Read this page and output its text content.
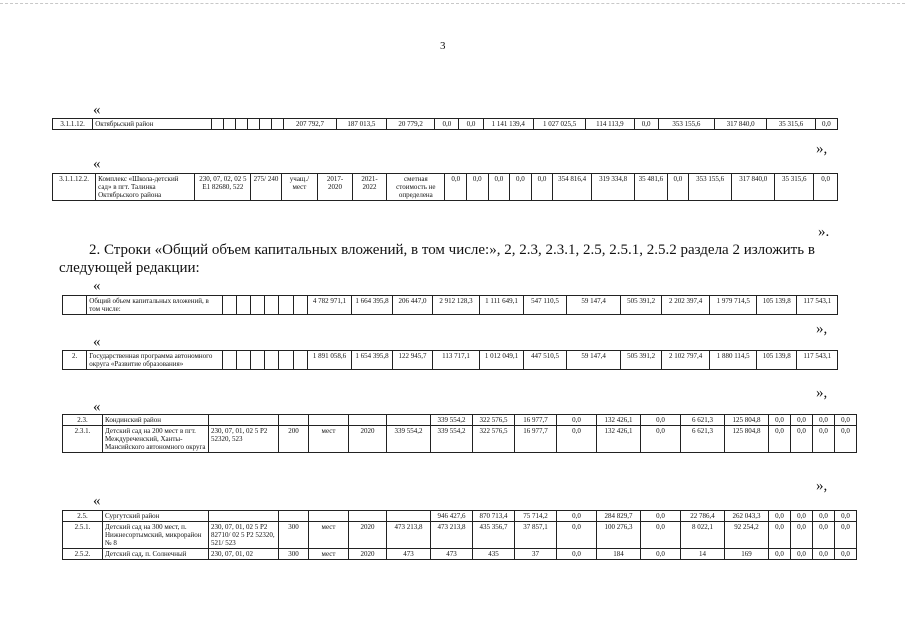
3
«
3.1.1.12.	Октябрьский район							207 792,7	187 013,5	20 779,2	0,0	0,0	1 141 139,4	1 027 025,5	114 113,9	0,0	353 155,6	317 840,0	35 315,6	0,0
«
3.1.1.12.2.	Комплекс «Школа-детский сад» в пгт. Талинка Октябрьского района	230, 07, 02, 02 5 Е1 82680, 522	275/ 240	учащ./ мест	2017-2020	2021-2022	сметная стоимость не определена	0,0	0,0	0,0	0,0	0,0	354 816,4	319 334,8	35 481,6	0,0	353 155,6	317 840,0	35 315,6	0,0
»,
».
2. Строки «Общий объем капитальных вложений, в том числе:», 2, 2.3, 2.3.1, 2.5, 2.5.1, 2.5.2 раздела 2 изложить в следующей редакции:
«
	Общий объем капитальных вложений, в том числе:							4 782 971,1	1 664 395,8	206 447,0	2 912 128,3	1 111 649,1	547 110,5	59 147,4	505 391,2	2 202 397,4	1 979 714,5	105 139,8	117 543,1
»,
«
2.	Государственная программа автономного округа «Развитие образования»							1 891 058,6	1 654 395,8	122 945,7	113 717,1	1 012 049,1	447 510,5	59 147,4	505 391,2	2 102 797,4	1 880 114,5	105 139,8	117 543,1
»,
«
2.3.	Кондинский район						339 554,2	322 576,5	16 977,7	0,0	132 426,1	0,0	6 621,3	125 804,8	0,0	0,0	0,0	0,0
2.3.1.	Детский сад на 200 мест в пгт. Междуреченский, Ханты-Мансийского автономного округа	230, 07, 01, 02 5 Р2 52320, 523	200	мест	2020	339 554,2	339 554,2	322 576,5	16 977,7	0,0	132 426,1	0,0	6 621,3	125 804,8	0,0	0,0	0,0	0,0
»,
«
2.5.	Сургутский район						946 427,6	870 713,4	75 714,2	0,0	284 829,7	0,0	22 786,4	262 043,3	0,0	0,0	0,0	0,0
2.5.1.	Детский сад на 300 мест, п. Нижнесортымский, микрорайон № 8	230, 07, 01, 02 5 Р2 82710/ 02 5 Р2 52320, 521/ 523	300	мест	2020	473 213,8	473 213,8	435 356,7	37 857,1	0,0	100 276,3	0,0	8 022,1	92 254,2	0,0	0,0	0,0	0,0
2.5.2.	Детский сад, п. Солнечный	230, 07, 01, 02	300	мест	2020	473	473	435	37	0,0	184	0,0	14	169	0,0	0,0	0,0	0,0
